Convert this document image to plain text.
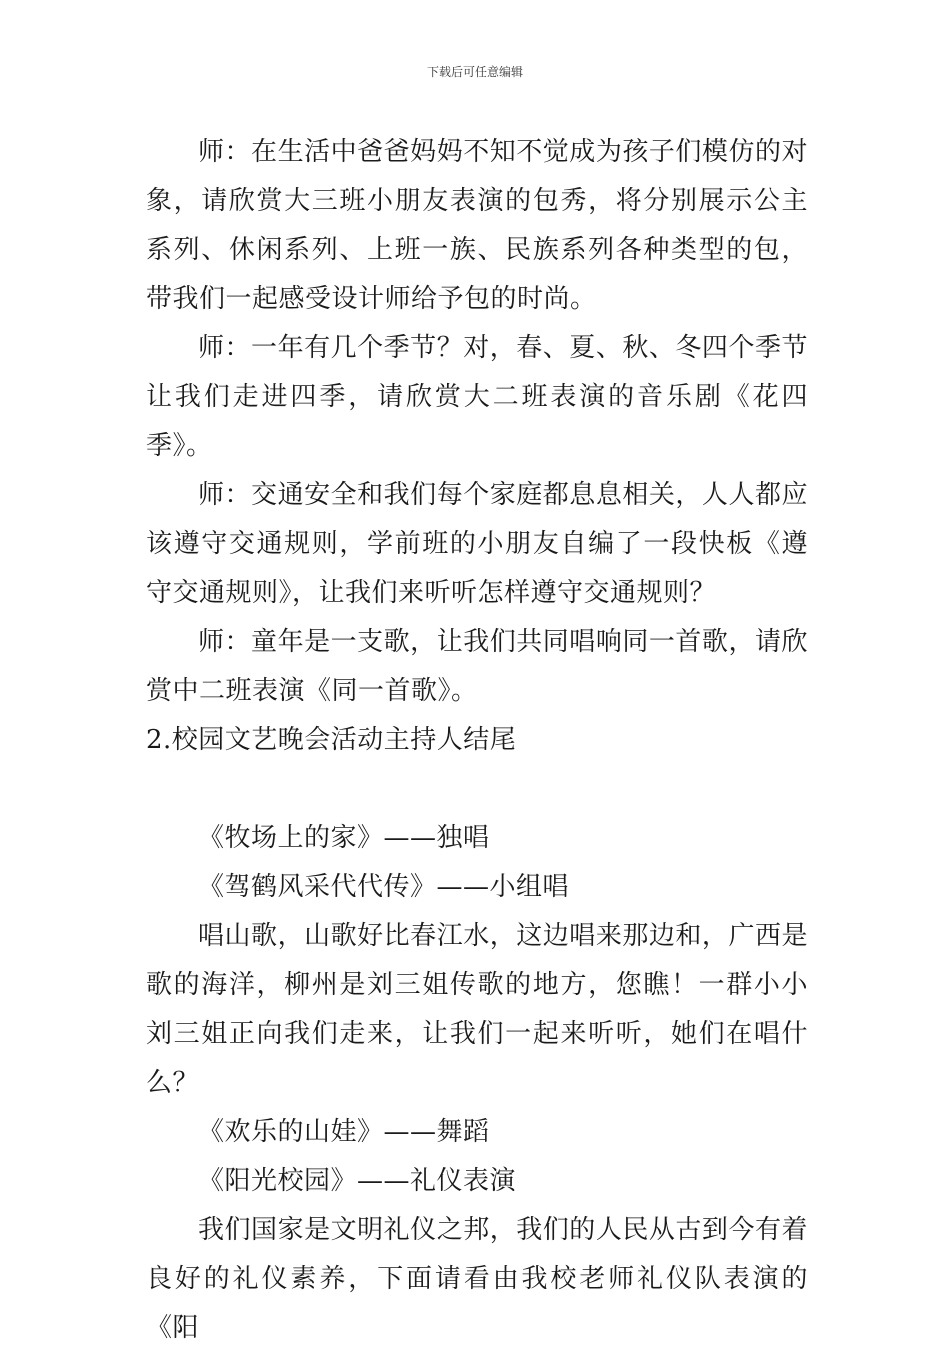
下载后可任意编辑

师：在生活中爸爸妈妈不知不觉成为孩子们模仿的对象，请欣赏大三班小朋友表演的包秀，将分别展示公主系列、休闲系列、上班一族、民族系列各种类型的包，带我们一起感受设计师给予包的时尚。

师：一年有几个季节？对，春、夏、秋、冬四个季节让我们走进四季，请欣赏大二班表演的音乐剧《花四季》。

师：交通安全和我们每个家庭都息息相关，人人都应该遵守交通规则，学前班的小朋友自编了一段快板《遵守交通规则》，让我们来听听怎样遵守交通规则？

师：童年是一支歌，让我们共同唱响同一首歌，请欣赏中二班表演《同一首歌》。

2.校园文艺晚会活动主持人结尾

《牧场上的家》——独唱

《驾鹤风采代代传》——小组唱

唱山歌，山歌好比春江水，这边唱来那边和，广西是歌的海洋，柳州是刘三姐传歌的地方，您瞧！一群小小刘三姐正向我们走来，让我们一起来听听，她们在唱什么？

《欢乐的山娃》——舞蹈

《阳光校园》——礼仪表演

我们国家是文明礼仪之邦，我们的人民从古到今有着良好的礼仪素养，下面请看由我校老师礼仪队表演的《阳
